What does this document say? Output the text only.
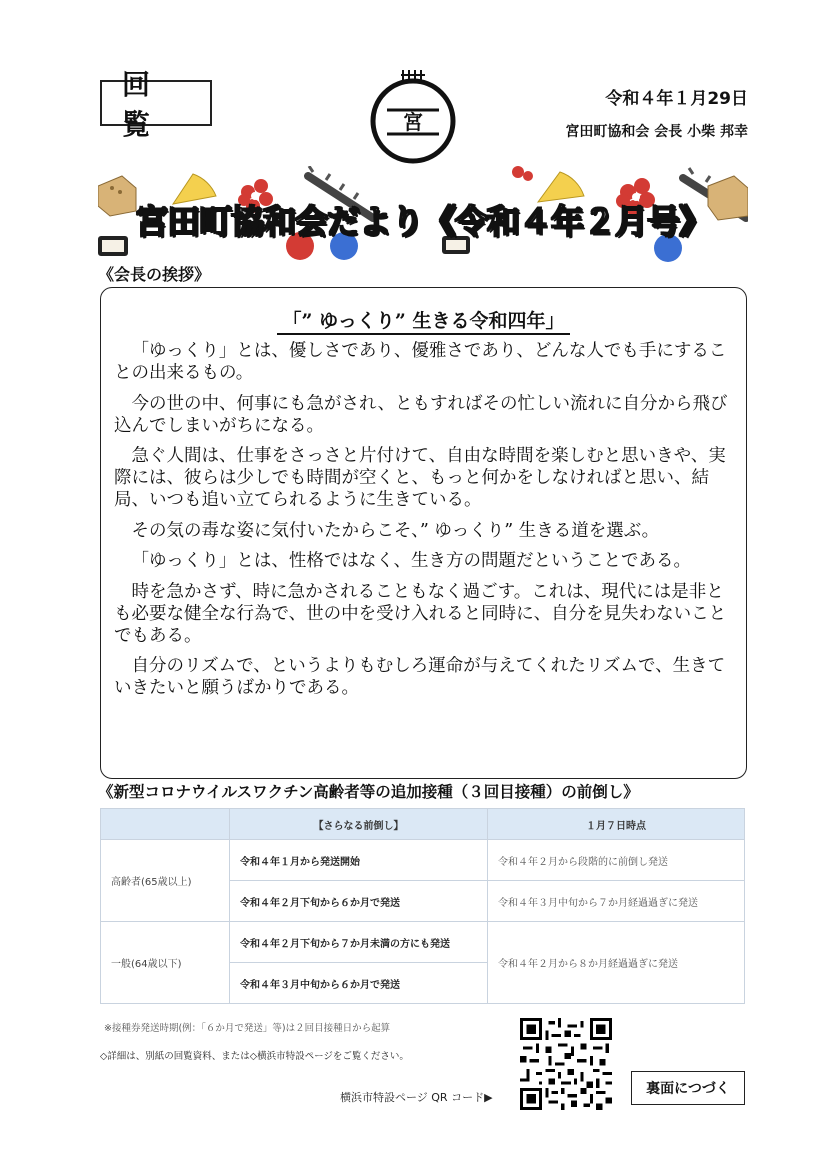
回 覧	宮
令和４年１月29日
宮田町協和会 会長 小柴 邦幸
宮田町協和会だより《令和４年２月号》
《会長の挨拶》
「” ゆっくり” 生きる令和四年」

「ゆっくり」とは、優しさであり、優雅さであり、どんな人でも手にすることの出来るもの。

今の世の中、何事にも急がされ、ともすればその忙しい流れに自分から飛び込んでしまいがちになる。

急ぐ人間は、仕事をさっさと片付けて、自由な時間を楽しむと思いきや、実際には、彼らは少しでも時間が空くと、もっと何かをしなければと思い、結局、いつも追い立てられるように生きている。

その気の毒な姿に気付いたからこそ、” ゆっくり” 生きる道を選ぶ。

「ゆっくり」とは、性格ではなく、生き方の問題だということである。

時を急かさず、時に急かされることもなく過ごす。これは、現代には是非とも必要な健全な行為で、世の中を受け入れると同時に、自分を見失わないことでもある。

自分のリズムで、というよりもむしろ運命が与えてくれたリズムで、生きていきたいと願うばかりである。

《新型コロナウイルスワクチン高齢者等の追加接種（３回目接種）の前倒し》
	【さらなる前倒し】	１月７日時点
高齢者(65歳以上)	令和４年１月から発送開始	令和４年２月から段階的に前倒し発送
	令和４年２月下旬から６か月で発送	令和４年３月中旬から７か月経過過ぎに発送
一般(64歳以下)	令和４年２月下旬から７か月未満の方にも発送	令和４年２月から８か月経過過ぎに発送
	令和４年３月中旬から６か月で発送	
※接種券発送時期(例：「６か月で発送」等)は２回目接種日から起算
◇詳細は、別紙の回覧資料、または◇横浜市特設ページをご覧ください。
横浜市特設ページ QR コード▶
裏面につづく
